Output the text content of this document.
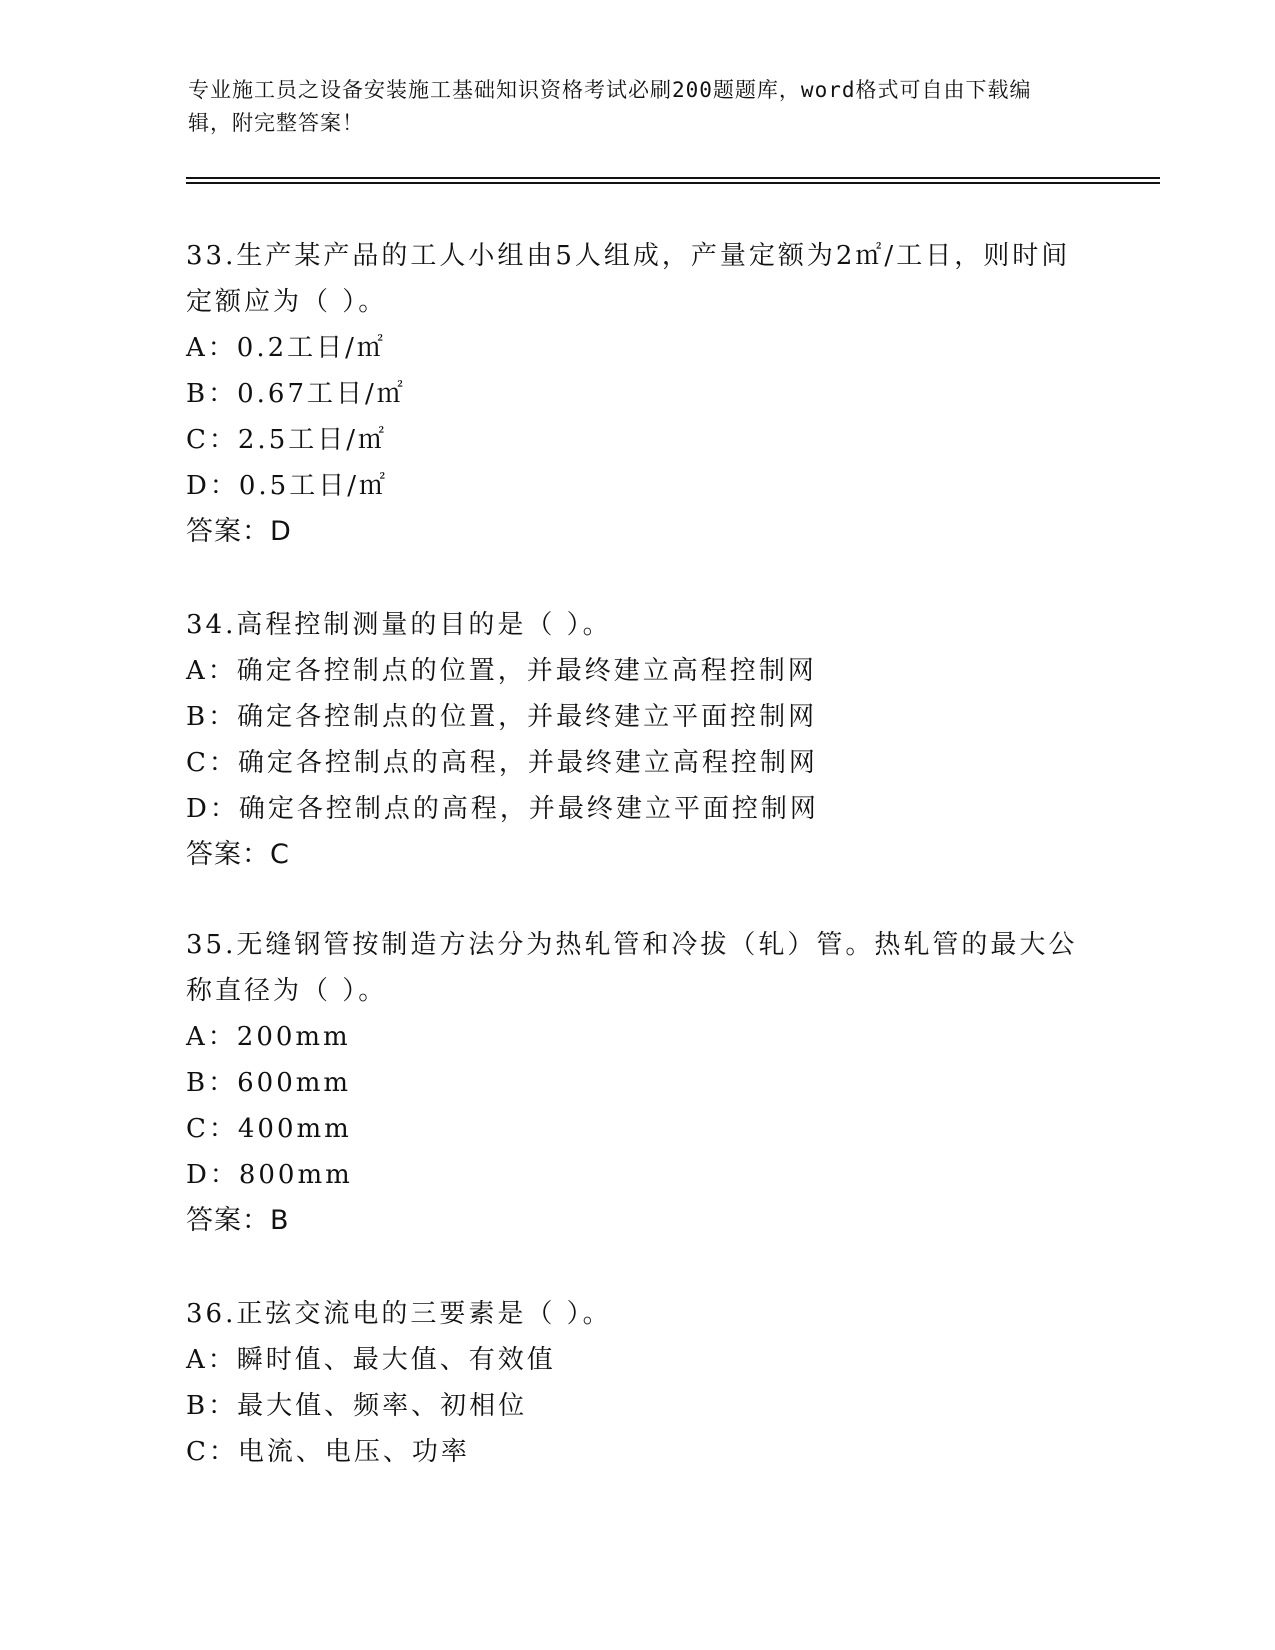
专业施工员之设备安装施工基础知识资格考试必刷200题题库，word格式可自由下载编辑，附完整答案！
33.生产某产品的工人小组由5人组成，产量定额为2㎡/工日，则时间定额应为（ ）。
A：0.2工日/㎡
B：0.67工日/㎡
C：2.5工日/㎡
D：0.5工日/㎡
答案：D
34.高程控制测量的目的是（ ）。
A：确定各控制点的位置，并最终建立高程控制网
B：确定各控制点的位置，并最终建立平面控制网
C：确定各控制点的高程，并最终建立高程控制网
D：确定各控制点的高程，并最终建立平面控制网
答案：C
35.无缝钢管按制造方法分为热轧管和冷拔（轧）管。热轧管的最大公称直径为（ ）。
A：200mm
B：600mm
C：400mm
D：800mm
答案：B
36.正弦交流电的三要素是（ ）。
A：瞬时值、最大值、有效值
B：最大值、频率、初相位
C：电流、电压、功率
